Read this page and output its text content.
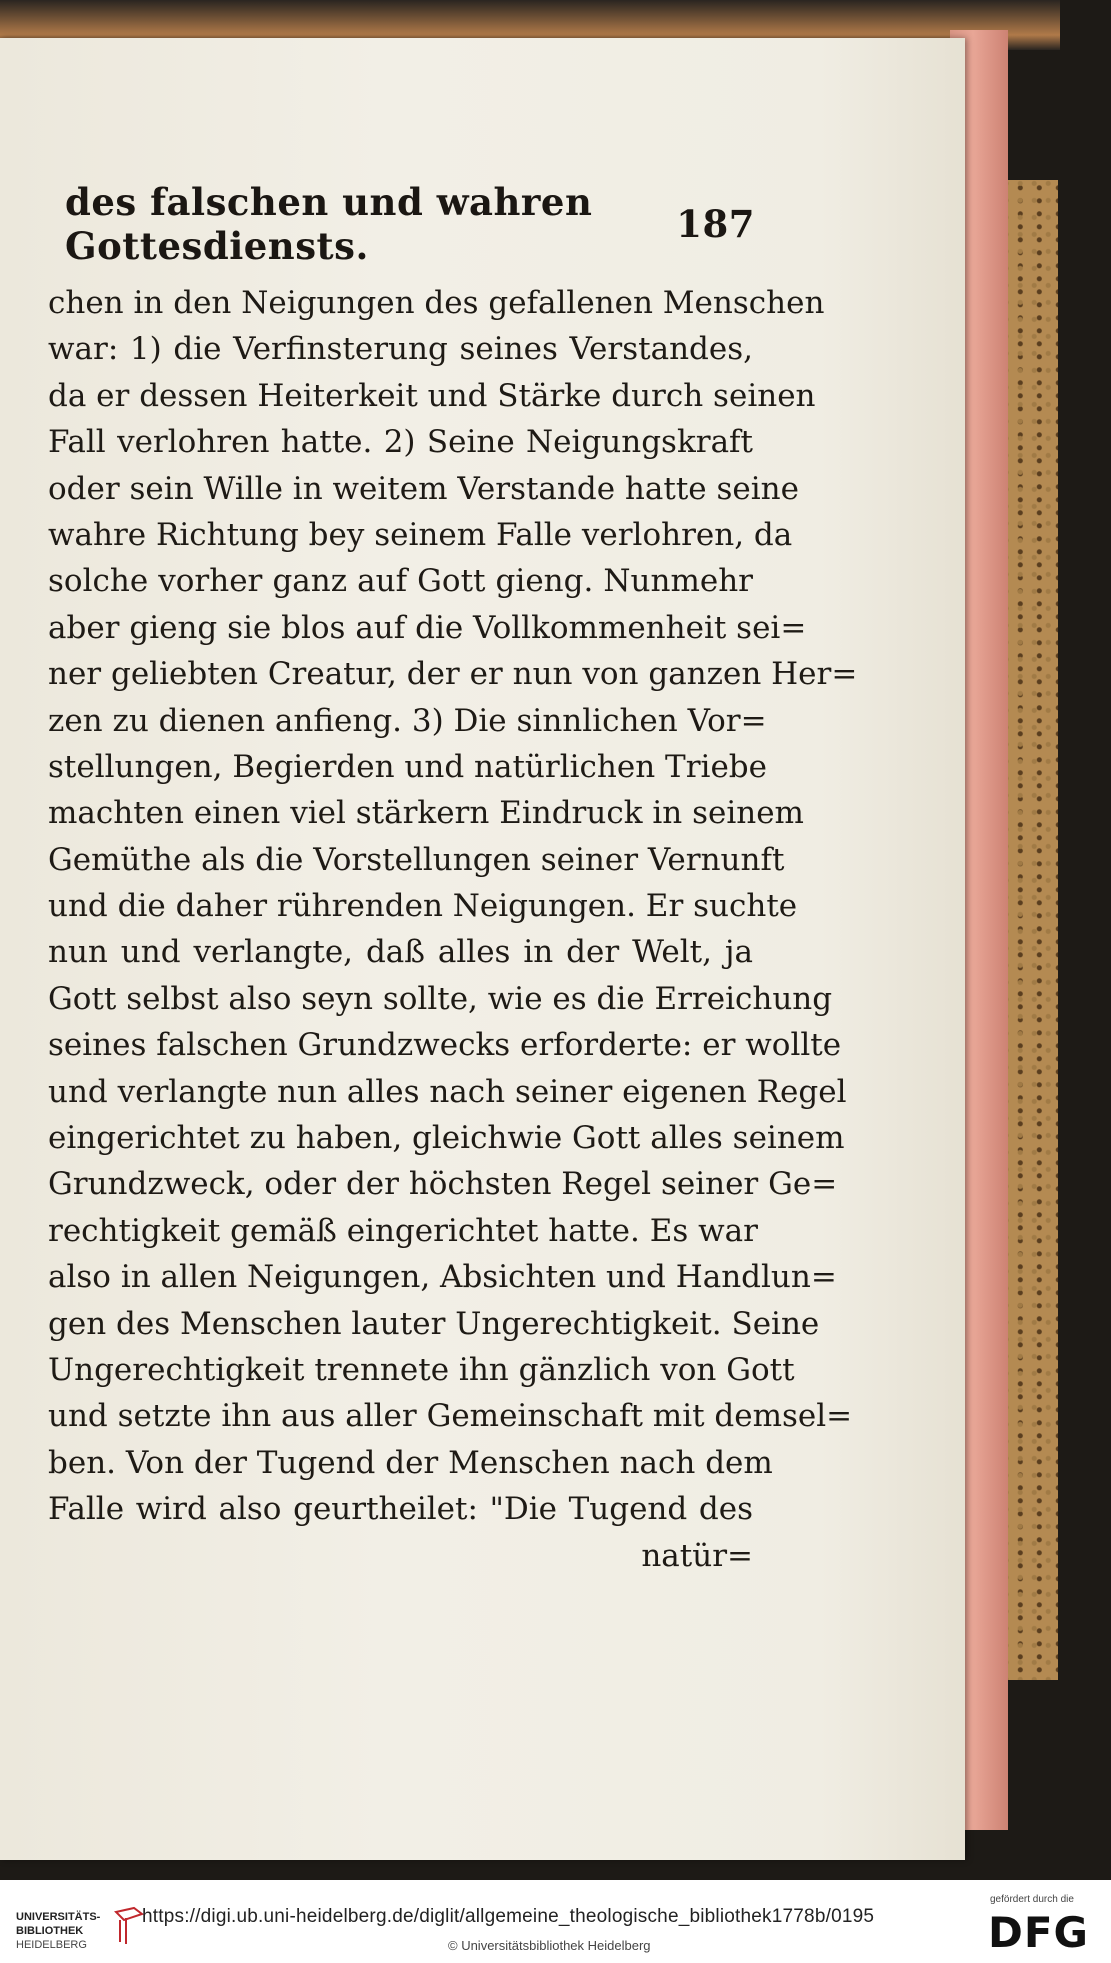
des falschen und wahren Gottesdiensts.	187
chen in den Neigungen des gefallenen Menschen
war: 1) die Verfinsterung seines Verstandes,
da er dessen Heiterkeit und Stärke durch seinen
Fall verlohren hatte. 2) Seine Neigungskraft
oder sein Wille in weitem Verstande hatte seine
wahre Richtung bey seinem Falle verlohren, da
solche vorher ganz auf Gott gieng. Nunmehr
aber gieng sie blos auf die Vollkommenheit sei=
ner geliebten Creatur, der er nun von ganzen Her=
zen zu dienen anfieng. 3) Die sinnlichen Vor=
stellungen, Begierden und natürlichen Triebe
machten einen viel stärkern Eindruck in seinem
Gemüthe als die Vorstellungen seiner Vernunft
und die daher rührenden Neigungen. Er suchte
nun und verlangte, daß alles in der Welt, ja
Gott selbst also seyn sollte, wie es die Erreichung
seines falschen Grundzwecks erforderte: er wollte
und verlangte nun alles nach seiner eigenen Regel
eingerichtet zu haben, gleichwie Gott alles seinem
Grundzweck, oder der höchsten Regel seiner Ge=
rechtigkeit gemäß eingerichtet hatte. Es war
also in allen Neigungen, Absichten und Handlun=
gen des Menschen lauter Ungerechtigkeit. Seine
Ungerechtigkeit trennete ihn gänzlich von Gott
und setzte ihn aus aller Gemeinschaft mit demsel=
ben. Von der Tugend der Menschen nach dem
Falle wird also geurtheilet: "Die Tugend des
natür=
UNIVERSITÄTS-
BIBLIOTHEK
HEIDELBERG
https://digi.ub.uni-heidelberg.de/diglit/allgemeine_theologische_bibliothek1778b/0195
© Universitätsbibliothek Heidelberg
gefördert durch die
DFG
